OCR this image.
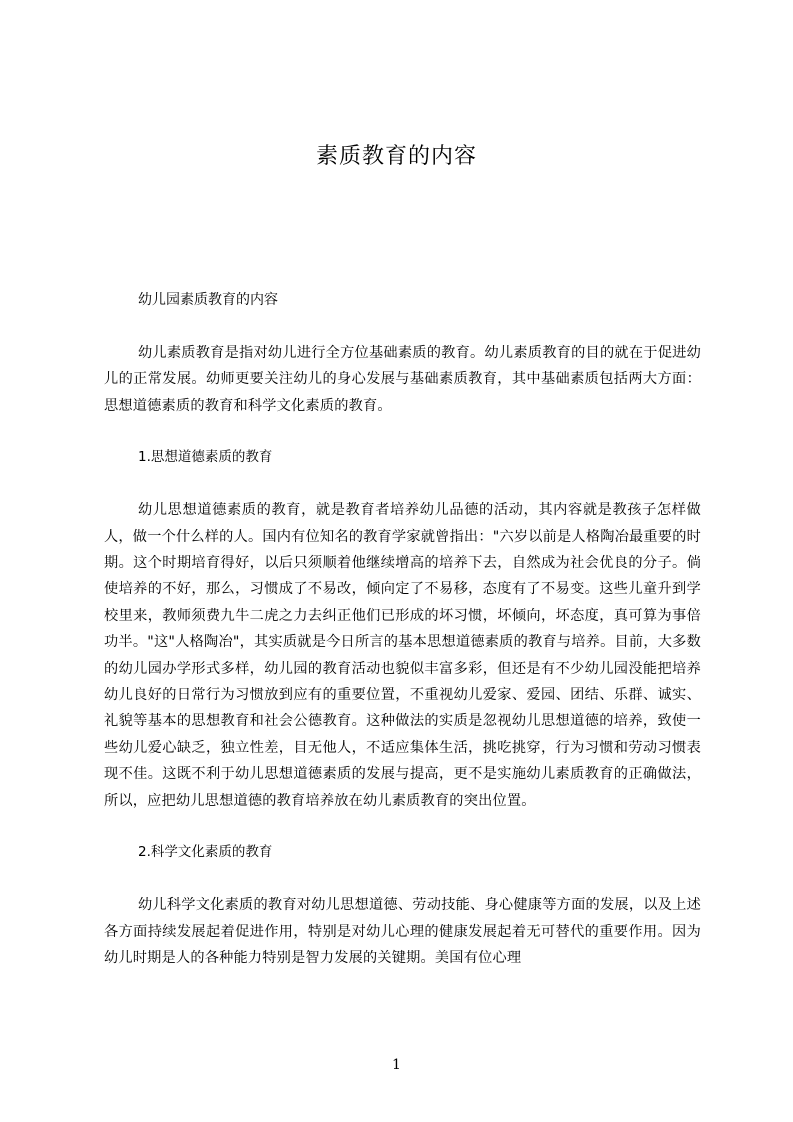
素质教育的内容

幼儿园素质教育的内容

幼儿素质教育是指对幼儿进行全方位基础素质的教育。幼儿素质教育的目的就在于促进幼儿的正常发展。幼师更要关注幼儿的身心发展与基础素质教育，其中基础素质包括两大方面：思想道德素质的教育和科学文化素质的教育。

1.思想道德素质的教育

幼儿思想道德素质的教育，就是教育者培养幼儿品德的活动，其内容就是教孩子怎样做人，做一个什么样的人。国内有位知名的教育学家就曾指出："六岁以前是人格陶冶最重要的时期。这个时期培育得好，以后只须顺着他继续增高的培养下去，自然成为社会优良的分子。倘使培养的不好，那么，习惯成了不易改，倾向定了不易移，态度有了不易变。这些儿童升到学校里来，教师须费九牛二虎之力去纠正他们已形成的坏习惯，坏倾向，坏态度，真可算为事倍功半。"这"人格陶冶"，其实质就是今日所言的基本思想道德素质的教育与培养。目前，大多数的幼儿园办学形式多样，幼儿园的教育活动也貌似丰富多彩，但还是有不少幼儿园没能把培养幼儿良好的日常行为习惯放到应有的重要位置，不重视幼儿爱家、爱园、团结、乐群、诚实、礼貌等基本的思想教育和社会公德教育。这种做法的实质是忽视幼儿思想道德的培养，致使一些幼儿爱心缺乏，独立性差，目无他人，不适应集体生活，挑吃挑穿，行为习惯和劳动习惯表现不佳。这既不利于幼儿思想道德素质的发展与提高，更不是实施幼儿素质教育的正确做法，所以，应把幼儿思想道德的教育培养放在幼儿素质教育的突出位置。

2.科学文化素质的教育

幼儿科学文化素质的教育对幼儿思想道德、劳动技能、身心健康等方面的发展，以及上述各方面持续发展起着促进作用，特别是对幼儿心理的健康发展起着无可替代的重要作用。因为幼儿时期是人的各种能力特别是智力发展的关键期。美国有位心理

1
